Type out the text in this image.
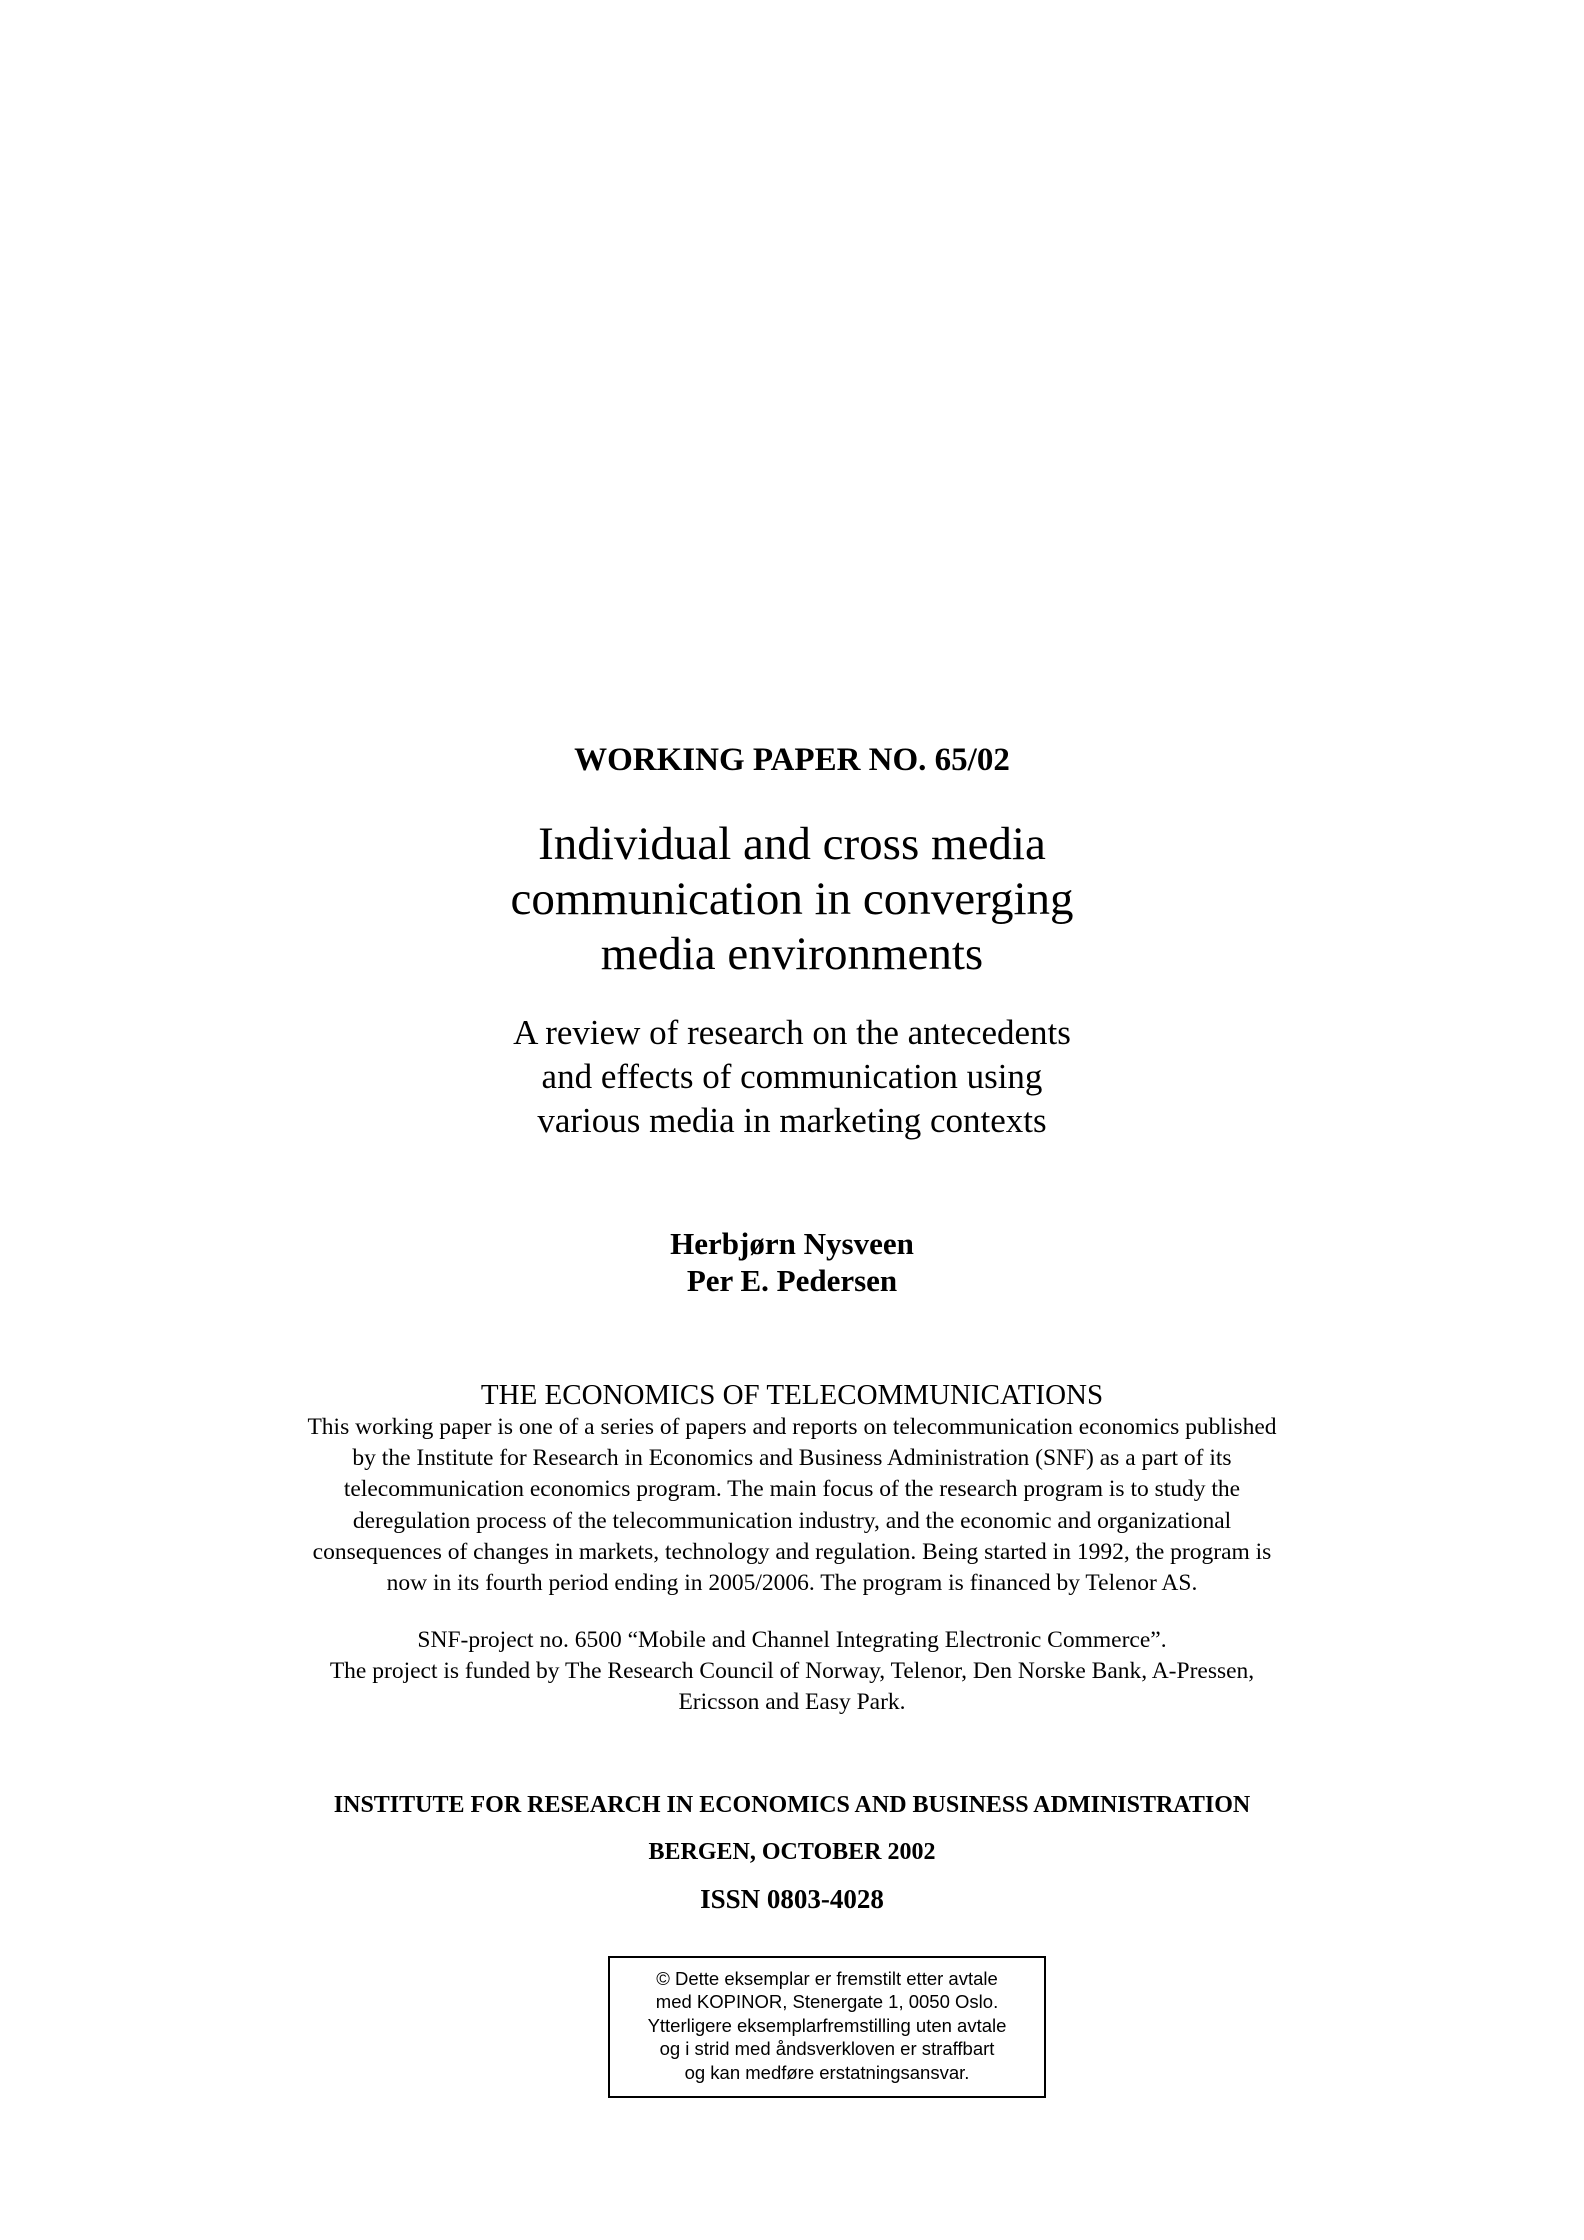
WORKING PAPER NO. 65/02
Individual and cross media
communication in converging
media environments
A review of research on the antecedents
and effects of communication using
various media in marketing contexts
Herbjørn Nysveen
Per E. Pedersen
THE ECONOMICS OF TELECOMMUNICATIONS
This working paper is one of a series of papers and reports on telecommunication economics published
by the Institute for Research in Economics and Business Administration (SNF) as a part of its
telecommunication economics program. The main focus of the research program is to study the
deregulation process of the telecommunication industry, and the economic and organizational
consequences of changes in markets, technology and regulation. Being started in 1992, the program is
now in its fourth period ending in 2005/2006. The program is financed by Telenor AS.
SNF-project no. 6500 “Mobile and Channel Integrating Electronic Commerce”.
The project is funded by The Research Council of Norway, Telenor, Den Norske Bank, A-Pressen,
Ericsson and Easy Park.
INSTITUTE FOR RESEARCH IN ECONOMICS AND BUSINESS ADMINISTRATION
BERGEN, OCTOBER 2002
ISSN 0803-4028
© Dette eksemplar er fremstilt etter avtale
med KOPINOR, Stenergate 1, 0050 Oslo.
Ytterligere eksemplarfremstilling uten avtale
og i strid med åndsverkloven er straffbart
og kan medføre erstatningsansvar.
